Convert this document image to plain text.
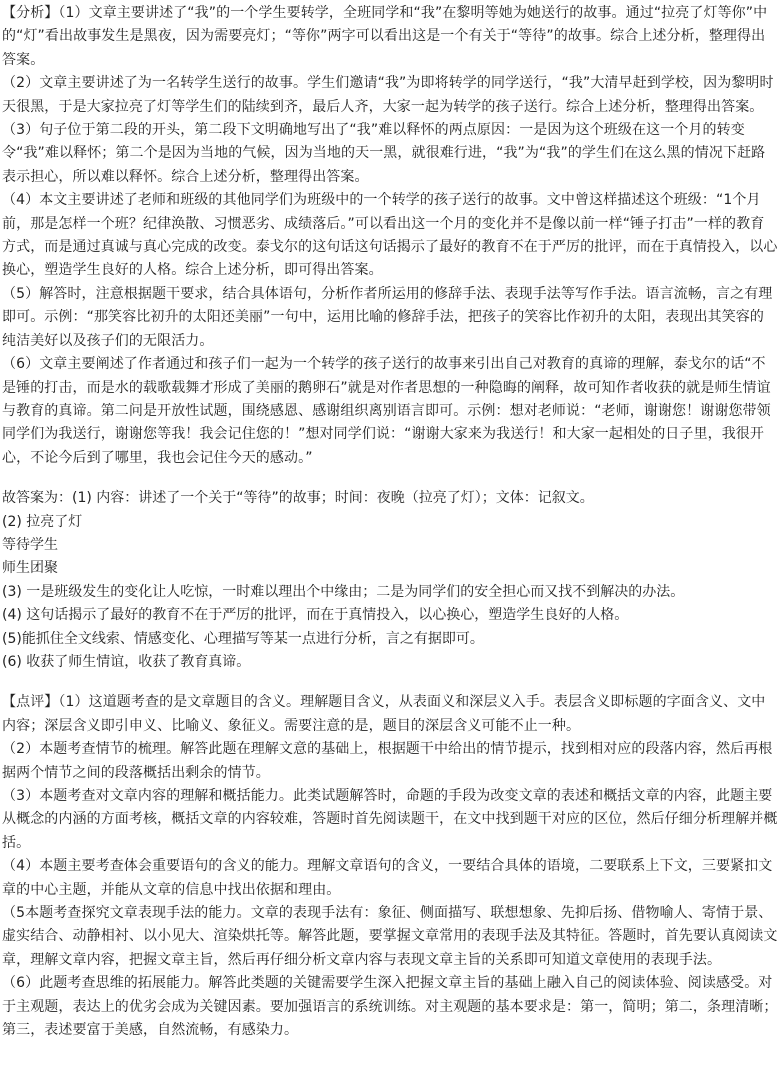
【分析】（1）文章主要讲述了“我”的一个学生要转学，全班同学和“我”在黎明等她为她送行的故事。通过“拉亮了灯等你”中的“灯”看出故事发生是黑夜，因为需要亮灯；“等你”两字可以看出这是一个有关于“等待”的故事。综合上述分析，整理得出答案。

（2）文章主要讲述了为一名转学生送行的故事。学生们邀请“我”为即将转学的同学送行，“我”大清早赶到学校，因为黎明时天很黑，于是大家拉亮了灯等学生们的陆续到齐，最后人齐，大家一起为转学的孩子送行。综合上述分析，整理得出答案。

（3）句子位于第二段的开头，第二段下文明确地写出了“我”难以释怀的两点原因：一是因为这个班级在这一个月的转变令“我”难以释怀；第二个是因为当地的气候，因为当地的天一黑，就很难行进，“我”为“我”的学生们在这么黑的情况下赶路表示担心，所以难以释怀。综合上述分析，整理得出答案。

（4）本文主要讲述了老师和班级的其他同学们为班级中的一个转学的孩子送行的故事。文中曾这样描述这个班级：“1个月前，那是怎样一个班？纪律涣散、习惯恶劣、成绩落后。”可以看出这一个月的变化并不是像以前一样“锤子打击”一样的教育方式，而是通过真诚与真心完成的改变。泰戈尔的这句话这句话揭示了最好的教育不在于严厉的批评，而在于真情投入，以心换心，塑造学生良好的人格。综合上述分析，即可得出答案。

（5）解答时，注意根据题干要求，结合具体语句，分析作者所运用的修辞手法、表现手法等写作手法。语言流畅，言之有理即可。示例：“那笑容比初升的太阳还美丽”一句中，运用比喻的修辞手法，把孩子的笑容比作初升的太阳，表现出其笑容的纯洁美好以及孩子们的无限活力。

（6）文章主要阐述了作者通过和孩子们一起为一个转学的孩子送行的故事来引出自己对教育的真谛的理解，泰戈尔的话“不是锤的打击，而是水的载歌载舞才形成了美丽的鹅卵石”就是对作者思想的一种隐晦的阐释，故可知作者收获的就是师生情谊与教育的真谛。第二问是开放性试题，围绕感恩、感谢组织离别语言即可。示例：想对老师说：“老师，谢谢您！谢谢您带领同学们为我送行，谢谢您等我！我会记住您的！”想对同学们说：“谢谢大家来为我送行！和大家一起相处的日子里，我很开心，不论今后到了哪里，我也会记住今天的感动。”

故答案为：(1) 内容：讲述了一个关于“等待”的故事；时间：夜晚（拉亮了灯）；文体：记叙文。

(2) 拉亮了灯

等待学生

师生团聚

(3) 一是班级发生的变化让人吃惊，一时难以理出个中缘由；二是为同学们的安全担心而又找不到解决的办法。

(4) 这句话揭示了最好的教育不在于严厉的批评，而在于真情投入，以心换心，塑造学生良好的人格。

(5)能抓住全文线索、情感变化、心理描写等某一点进行分析，言之有据即可。

(6) 收获了师生情谊，收获了教育真谛。

【点评】（1）这道题考查的是文章题目的含义。理解题目含义，从表面义和深层义入手。表层含义即标题的字面含义、文中内容；深层含义即引申义、比喻义、象征义。需要注意的是，题目的深层含义可能不止一种。

（2）本题考查情节的梳理。解答此题在理解文意的基础上，根据题干中给出的情节提示，找到相对应的段落内容，然后再根据两个情节之间的段落概括出剩余的情节。

（3）本题考查对文章内容的理解和概括能力。此类试题解答时，命题的手段为改变文章的表述和概括文章的内容，此题主要从概念的内涵的方面考核，概括文章的内容较难，答题时首先阅读题干，在文中找到题干对应的区位，然后仔细分析理解并概括。

（4）本题主要考查体会重要语句的含义的能力。理解文章语句的含义，一要结合具体的语境，二要联系上下文，三要紧扣文章的中心主题，并能从文章的信息中找出依据和理由。

（5本题考查探究文章表现手法的能力。文章的表现手法有：象征、侧面描写、联想想象、先抑后扬、借物喻人、寄情于景、虚实结合、动静相衬、以小见大、渲染烘托等。解答此题，要掌握文章常用的表现手法及其特征。答题时，首先要认真阅读文章，理解文章内容，把握文章主旨，然后再仔细分析文章内容与表现文章主旨的关系即可知道文章使用的表现手法。

（6）此题考查思维的拓展能力。解答此类题的关键需要学生深入把握文章主旨的基础上融入自己的阅读体验、阅读感受。对于主观题，表达上的优劣会成为关键因素。要加强语言的系统训练。对主观题的基本要求是：第一，简明；第二，条理清晰；第三，表述要富于美感，自然流畅，有感染力。
